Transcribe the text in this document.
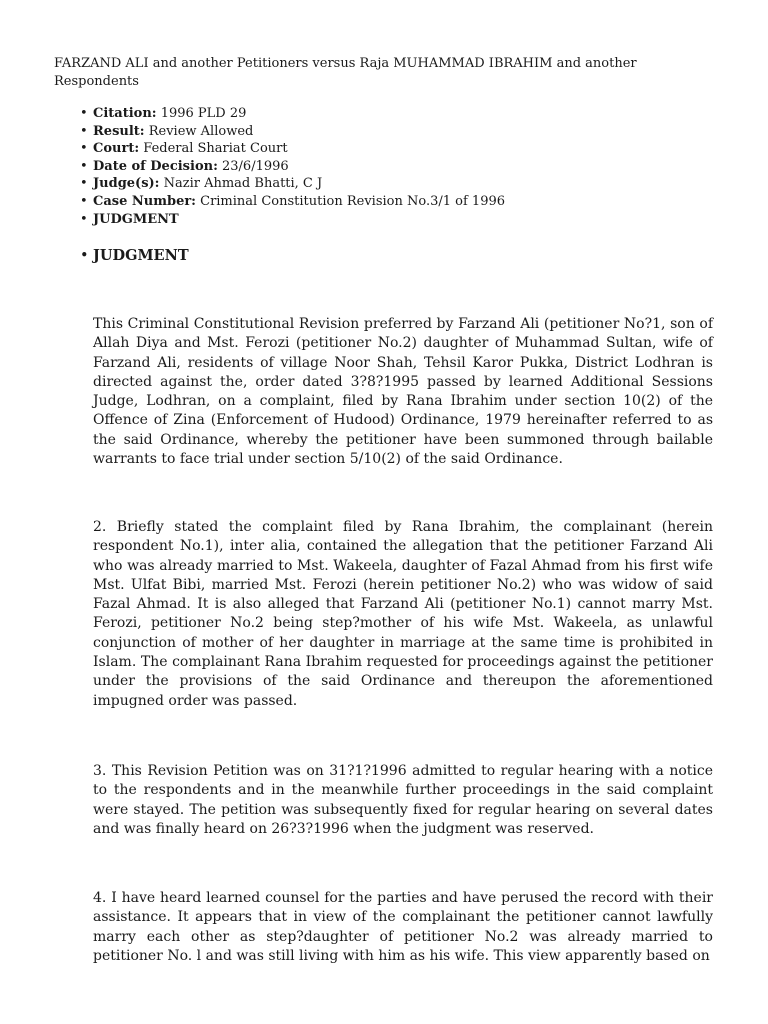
FARZAND ALI and another Petitioners versus Raja MUHAMMAD IBRAHIM and another Respondents
• Citation: 1996 PLD 29
• Result: Review Allowed
• Court: Federal Shariat Court
• Date of Decision: 23/6/1996
• Judge(s): Nazir Ahmad Bhatti, C J
• Case Number: Criminal Constitution Revision No.3/1 of 1996
• JUDGMENT
• JUDGMENT

This Criminal Constitutional Revision preferred by Farzand Ali (petitioner No?1, son of Allah Diya and Mst. Ferozi (petitioner No.2) daughter of Muhammad Sultan, wife of Farzand Ali, residents of village Noor Shah, Tehsil Karor Pukka, District Lodhran is directed against the, order dated 3?8?1995 passed by learned Additional Sessions Judge, Lodhran, on a complaint, filed by Rana Ibrahim under section 10(2) of the Offence of Zina (Enforcement of Hudood) Ordinance, 1979 hereinafter referred to as the said Ordinance, whereby the petitioner have been summoned through bailable warrants to face trial under section 5/10(2) of the said Ordinance.

2. Briefly stated the complaint filed by Rana Ibrahim, the complainant (herein respondent No.1), inter alia, contained the allegation that the petitioner Farzand Ali who was already married to Mst. Wakeela, daughter of Fazal Ahmad from his first wife Mst. Ulfat Bibi, married Mst. Ferozi (herein petitioner No.2) who was widow of said Fazal Ahmad. It is also alleged that Farzand Ali (petitioner No.1) cannot marry Mst. Ferozi, petitioner No.2 being step?mother of his wife Mst. Wakeela, as unlawful conjunction of mother of her daughter in marriage at the same time is prohibited in Islam. The complainant Rana Ibrahim requested for proceedings against the petitioner under the provisions of the said Ordinance and thereupon the aforementioned impugned order was passed.

3. This Revision Petition was on 31?1?1996 admitted to regular hearing with a notice to the respondents and in the meanwhile further proceedings in the said complaint were stayed. The petition was subsequently fixed for regular hearing on several dates and was finally heard on 26?3?1996 when the judgment was reserved.

4. I have heard learned counsel for the parties and have perused the record with their assistance. It appears that in view of the complainant the petitioner cannot lawfully marry each other as step?daughter of petitioner No.2 was already married to petitioner No. l and was still living with him as his wife. This view apparently based on
